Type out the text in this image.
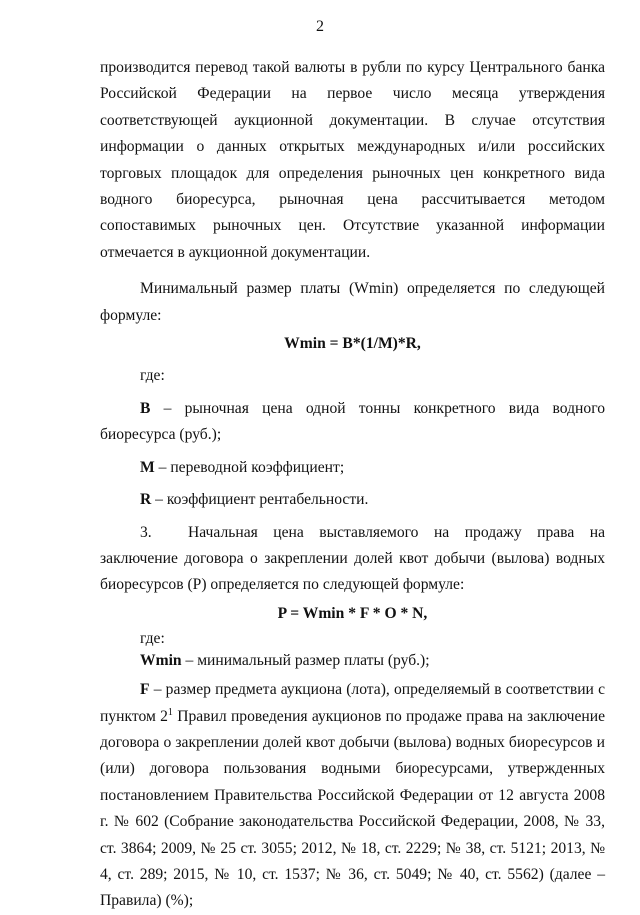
2

производится перевод такой валюты в рубли по курсу Центрального банка Российской Федерации на первое число месяца утверждения соответствующей аукционной документации. В случае отсутствия информации о данных открытых международных и/или российских торговых площадок для определения рыночных цен конкретного вида водного биоресурса, рыночная цена рассчитывается методом сопоставимых рыночных цен. Отсутствие указанной информации отмечается в аукционной документации.

Минимальный размер платы (Wmin) определяется по следующей формуле:

Wmin = B*(1/M)*R,

где:

В – рыночная цена одной тонны конкретного вида водного биоресурса (руб.);

М – переводной коэффициент;

R – коэффициент рентабельности.

3. Начальная цена выставляемого на продажу права на заключение договора о закреплении долей квот добычи (вылова) водных биоресурсов (Р) определяется по следующей формуле:

P = Wmin * F * O * N,

где:

Wmin – минимальный размер платы (руб.);

F – размер предмета аукциона (лота), определяемый в соответствии с пунктом $2^1$ Правил проведения аукционов по продаже права на заключение договора о закреплении долей квот добычи (вылова) водных биоресурсов и (или) договора пользования водными биоресурсами, утвержденных постановлением Правительства Российской Федерации от 12 августа 2008 г. № 602 (Собрание законодательства Российской Федерации, 2008, № 33, ст. 3864; 2009, № 25 ст. 3055; 2012, № 18, ст. 2229; № 38, ст. 5121; 2013, № 4, ст. 289; 2015, № 10, ст. 1537; № 36, ст. 5049; № 40, ст. 5562) (далее – Правила) (%);
